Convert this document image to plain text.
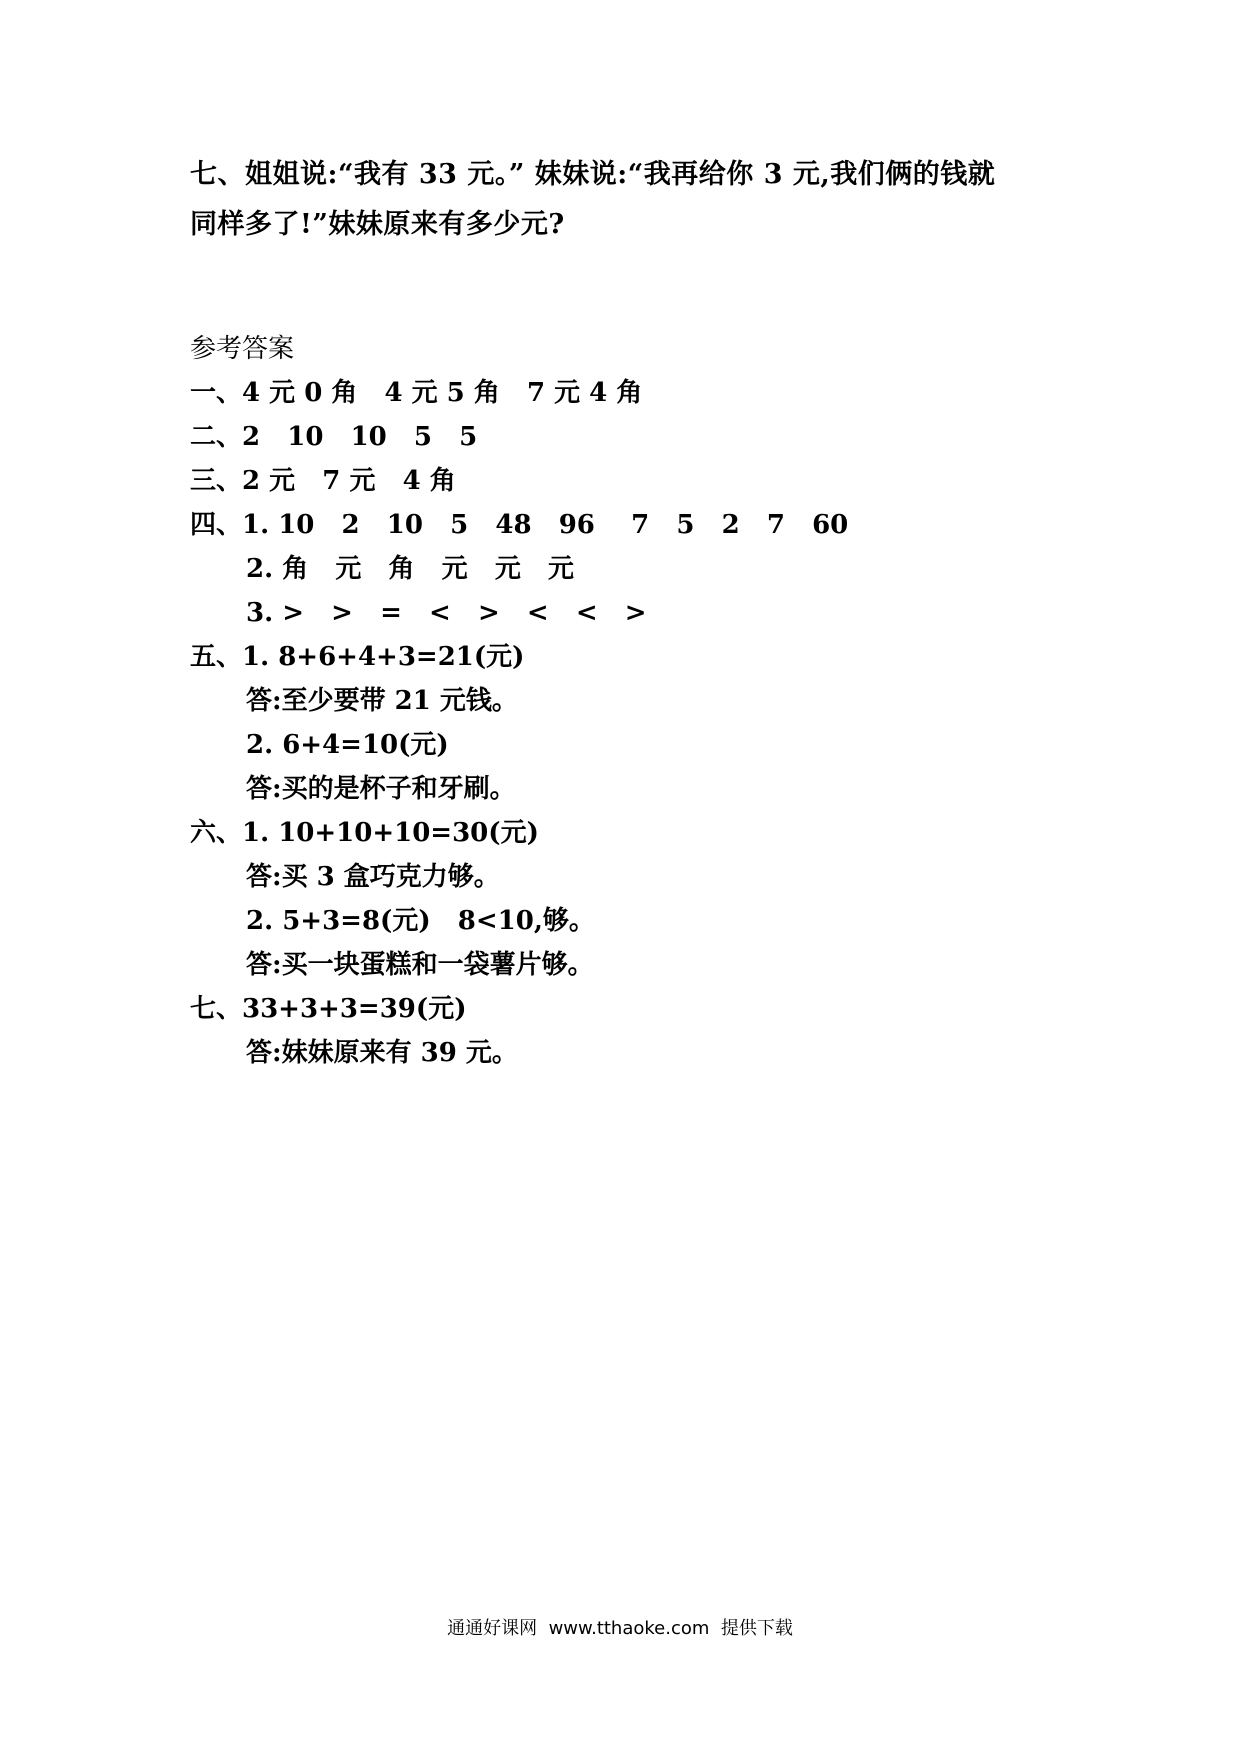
七、姐姐说:“我有 33 元。” 妹妹说:“我再给你 3 元,我们俩的钱就

同样多了!”妹妹原来有多少元?

参考答案
一、4 元 0 角   4 元 5 角   7 元 4 角
二、2   10   10   5   5
三、2 元   7 元   4 角
四、1. 10   2   10   5   48   96    7   5   2   7   60
2. 角   元   角   元   元   元
3. >   >   =   <   >   <   <   >
五、1. 8+6+4+3=21(元)
答:至少要带 21 元钱。
2. 6+4=10(元)
答:买的是杯子和牙刷。
六、1. 10+10+10=30(元)
答:买 3 盒巧克力够。
2. 5+3=8(元)   8<10,够。
答:买一块蛋糕和一袋薯片够。
七、33+3+3=39(元)
答:妹妹原来有 39 元。
通通好课网  www.tthaoke.com  提供下载
